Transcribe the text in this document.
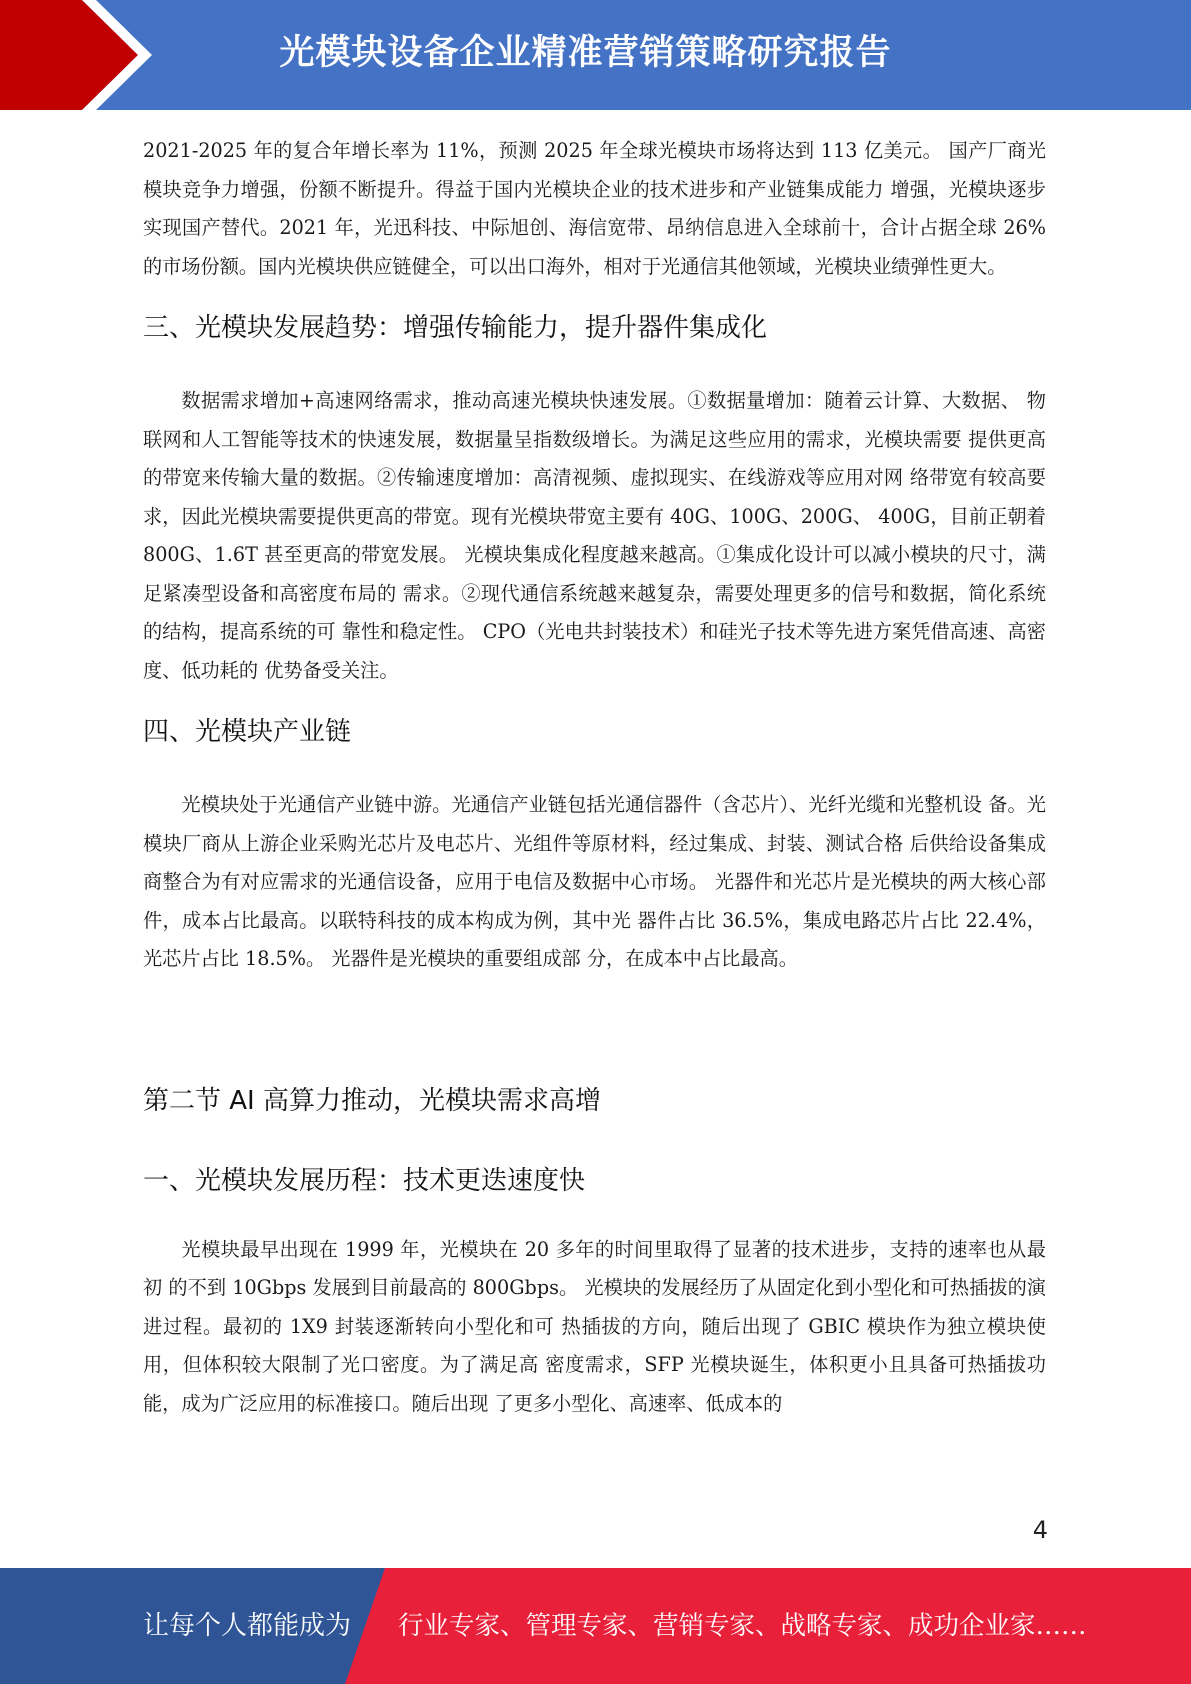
光模块设备企业精准营销策略研究报告

2021-2025 年的复合年增长率为 11%，预测 2025 年全球光模块市场将达到 113 亿美元。 国产厂商光模块竞争力增强，份额不断提升。得益于国内光模块企业的技术进步和产业链集成能力 增强，光模块逐步实现国产替代。2021 年，光迅科技、中际旭创、海信宽带、昂纳信息进入全球前十，合计占据全球 26%的市场份额。国内光模块供应链健全，可以出口海外，相对于光通信其他领域，光模块业绩弹性更大。

三、光模块发展趋势：增强传输能力，提升器件集成化

数据需求增加+高速网络需求，推动高速光模块快速发展。①数据量增加：随着云计算、大数据、 物联网和人工智能等技术的快速发展，数据量呈指数级增长。为满足这些应用的需求，光模块需要 提供更高的带宽来传输大量的数据。②传输速度增加：高清视频、虚拟现实、在线游戏等应用对网 络带宽有较高要求，因此光模块需要提供更高的带宽。现有光模块带宽主要有 40G、100G、200G、 400G，目前正朝着 800G、1.6T 甚至更高的带宽发展。 光模块集成化程度越来越高。①集成化设计可以减小模块的尺寸，满足紧凑型设备和高密度布局的 需求。②现代通信系统越来越复杂，需要处理更多的信号和数据，简化系统的结构，提高系统的可 靠性和稳定性。 CPO（光电共封装技术）和硅光子技术等先进方案凭借高速、高密度、低功耗的 优势备受关注。

四、光模块产业链

光模块处于光通信产业链中游。光通信产业链包括光通信器件（含芯片）、光纤光缆和光整机设 备。光模块厂商从上游企业采购光芯片及电芯片、光组件等原材料，经过集成、封装、测试合格 后供给设备集成商整合为有对应需求的光通信设备，应用于电信及数据中心市场。 光器件和光芯片是光模块的两大核心部件，成本占比最高。以联特科技的成本构成为例，其中光 器件占比 36.5%，集成电路芯片占比 22.4%，光芯片占比 18.5%。 光器件是光模块的重要组成部 分，在成本中占比最高。

第二节 AI 高算力推动，光模块需求高增
一、光模块发展历程：技术更迭速度快

光模块最早出现在 1999 年，光模块在 20 多年的时间里取得了显著的技术进步，支持的速率也从最初 的不到 10Gbps 发展到目前最高的 800Gbps。 光模块的发展经历了从固定化到小型化和可热插拔的演进过程。最初的 1X9 封装逐渐转向小型化和可 热插拔的方向，随后出现了 GBIC 模块作为独立模块使用，但体积较大限制了光口密度。为了满足高 密度需求，SFP 光模块诞生，体积更小且具备可热插拔功能，成为广泛应用的标准接口。随后出现 了更多小型化、高速率、低成本的

4
让每个人都能成为 行业专家、管理专家、营销专家、战略专家、成功企业家……
